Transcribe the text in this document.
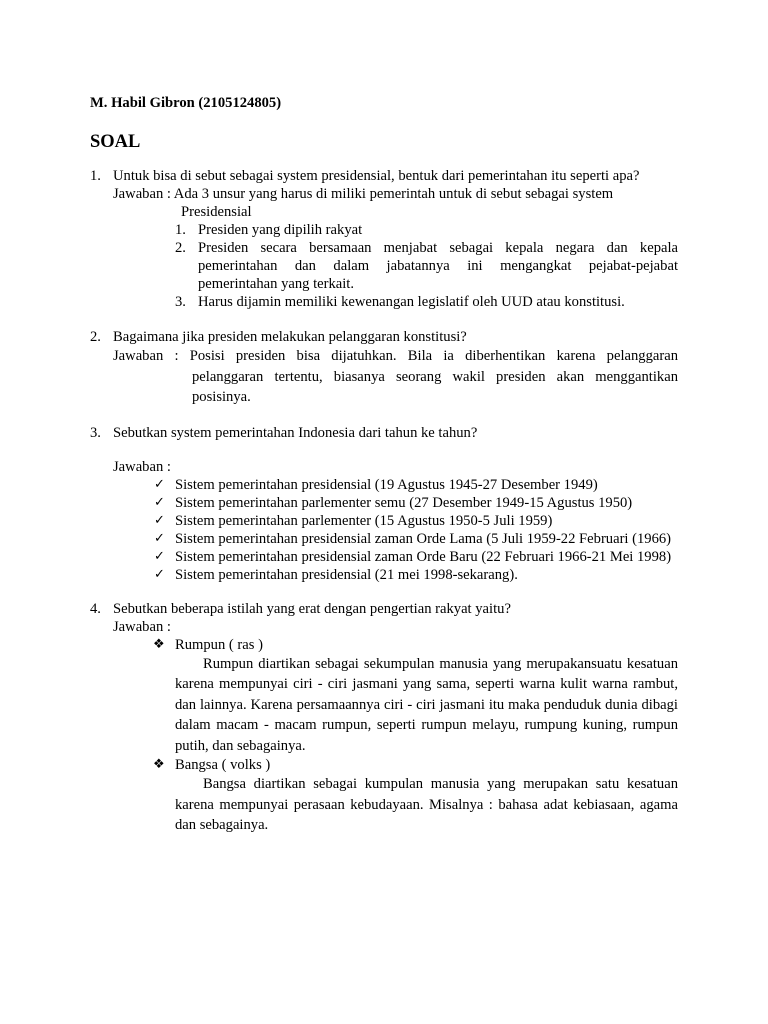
M. Habil Gibron (2105124805)

SOAL

1. Untuk bisa di sebut sebagai system presidensial, bentuk dari pemerintahan itu seperti apa?
Jawaban : Ada 3 unsur yang harus di miliki pemerintah untuk di sebut sebagai system
Presidensial
1. Presiden yang dipilih rakyat
2. Presiden secara bersamaan menjabat sebagai kepala negara dan kepala pemerintahan dan dalam jabatannya ini mengangkat pejabat-pejabat pemerintahan yang terkait.
3. Harus dijamin memiliki kewenangan legislatif oleh UUD atau konstitusi.
2. Bagaimana jika presiden melakukan pelanggaran konstitusi?
Jawaban : Posisi presiden bisa dijatuhkan. Bila ia diberhentikan karena pelanggaran
pelanggaran tertentu, biasanya seorang wakil presiden akan menggantikan posisinya.
3. Sebutkan system pemerintahan Indonesia dari tahun ke tahun?
Jawaban :
✓ Sistem pemerintahan presidensial (19 Agustus 1945-27 Desember 1949)
✓ Sistem pemerintahan parlementer semu (27 Desember 1949-15 Agustus 1950)
✓ Sistem pemerintahan parlementer (15 Agustus 1950-5 Juli 1959)
✓ Sistem pemerintahan presidensial zaman Orde Lama (5 Juli 1959-22 Februari (1966)
✓ Sistem pemerintahan presidensial zaman Orde Baru (22 Februari 1966-21 Mei 1998)
✓ Sistem pemerintahan presidensial (21 mei 1998-sekarang).
4. Sebutkan beberapa istilah yang erat dengan pengertian rakyat yaitu?
Jawaban :
❖ Rumpun ( ras )
Rumpun diartikan sebagai sekumpulan manusia yang merupakansuatu kesatuan karena mempunyai ciri - ciri jasmani yang sama, seperti warna kulit warna rambut, dan lainnya. Karena persamaannya ciri - ciri jasmani itu maka penduduk dunia dibagi dalam macam - macam rumpun, seperti rumpun melayu, rumpung kuning, rumpun putih, dan sebagainya.
❖ Bangsa ( volks )
Bangsa diartikan sebagai kumpulan manusia yang merupakan satu kesatuan karena mempunyai perasaan kebudayaan. Misalnya : bahasa adat kebiasaan, agama dan sebagainya.
